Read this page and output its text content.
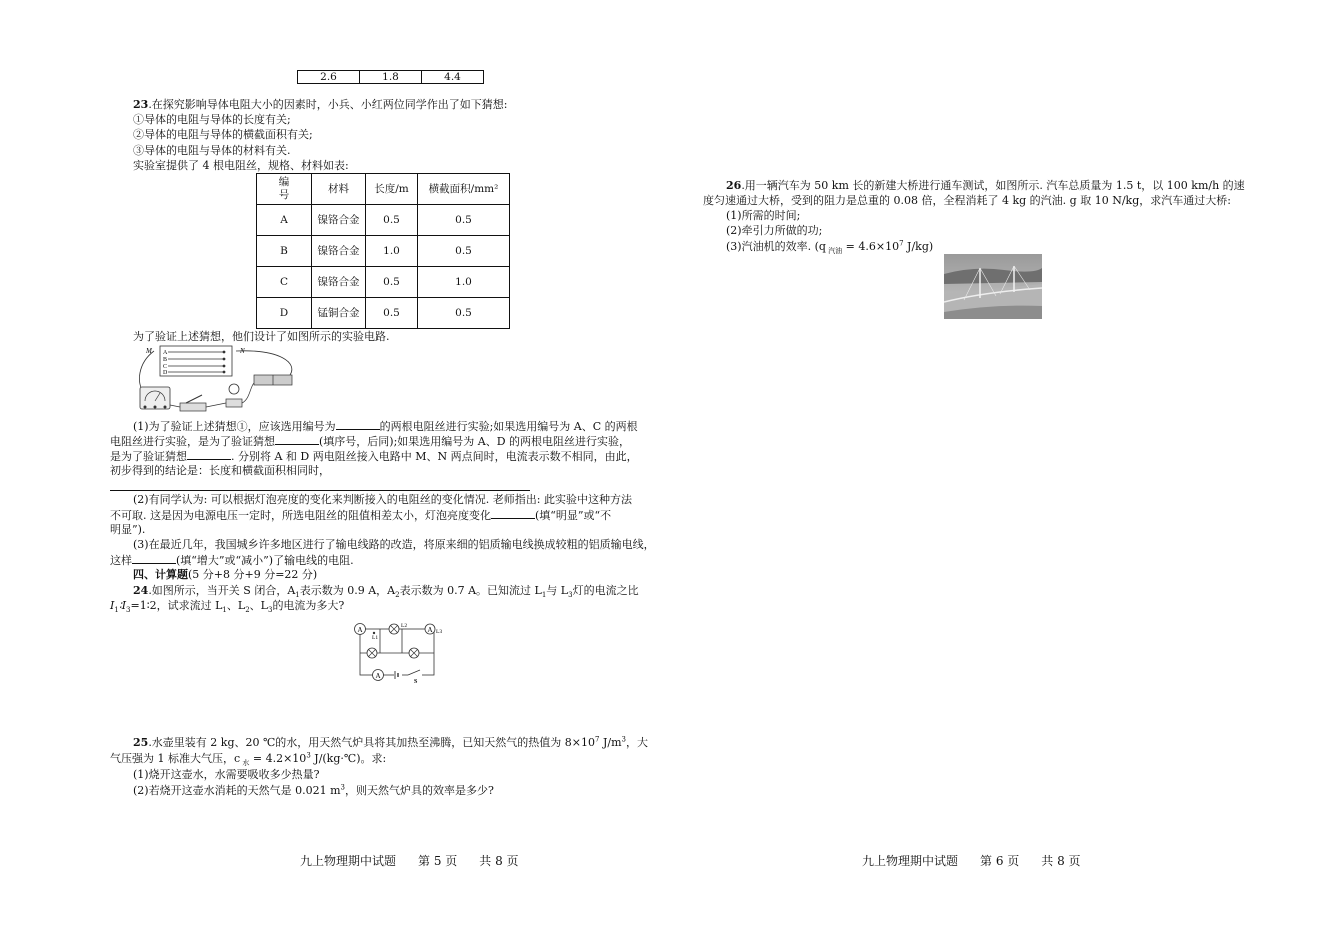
2.6	1.8	4.4
23.在探究影响导体电阻大小的因素时，小兵、小红两位同学作出了如下猜想:
①导体的电阻与导体的长度有关;
②导体的电阻与导体的横截面积有关;
③导体的电阻与导体的材料有关.
实验室提供了 4 根电阻丝，规格、材料如表:
编号	材料	长度/m	横截面积/mm²
A	镍铬合金	0.5	0.5
B	镍铬合金	1.0	0.5
C	镍铬合金	0.5	1.0
D	锰铜合金	0.5	0.5
为了验证上述猜想，他们设计了如图所示的实验电路.
M A
B
C
D
N
(1)为了验证上述猜想①，应该选用编号为	的两根电阻丝进行实验;如果选用编号为 A、C 的两根
电阻丝进行实验，是为了验证猜想	(填序号，后同);如果选用编号为 A、D 的两根电阻丝进行实验，
是为了验证猜想	. 分别将 A 和 D 两电阻丝接入电路中 M、N 两点间时，电流表示数不相同，由此，
初步得到的结论是：长度和横截面积相同时，
(2)有同学认为: 可以根据灯泡亮度的变化来判断接入的电阻丝的变化情况. 老师指出: 此实验中这种方法
不可取. 这是因为电源电压一定时，所选电阻丝的阻值相差太小，灯泡亮度变化	(填“明显”或“不
明显”).
(3)在最近几年，我国城乡许多地区进行了输电线路的改造，将原来细的铝质输电线换成较粗的铝质输电线，
这样	(填“增大”或“减小”)了输电线的电阻.
四、计算题(5 分+8 分+9 分=22 分)
24.如图所示，当开关 S 闭合，$A_1$表示数为 0.9 A，$A_2$表示数为 0.7 A。已知流过 $L_1$与 $L_3$灯的电流之比
$I_1∶I_3=1∶2$，试求流过 $L_1$、$L_2$、$L_3$的电流为多大?
A
L1
L2	A L3
A
S
25.水壶里装有 2 kg、20 ℃的水，用天然气炉具将其加热至沸腾，已知天然气的热值为 $8\times 10^7$ $J/m^3$，大
气压强为 1 标准大气压，c $_水 = 4.2\times 10^3$ J/(kg·℃)。求:
(1)烧开这壶水，水需要吸收多少热量?
(2)若烧开这壶水消耗的天然气是 0.021 $m^3$，则天然气炉具的效率是多少?
九上物理期中试题 第 5 页 共 8 页
26.用一辆汽车为 50 km 长的新建大桥进行通车测试，如图所示. 汽车总质量为 1.5 t，以 100 km/h 的速
度匀速通过大桥，受到的阻力是总重的 0.08 倍，全程消耗了 4 kg 的汽油. g 取 10 N/kg，求汽车通过大桥:
(1)所需的时间;
(2)牵引力所做的功;
(3)汽油机的效率. (q $_{汽油} = 4.6\times 10^7$ J/kg)
九上物理期中试题 第 6 页 共 8 页
